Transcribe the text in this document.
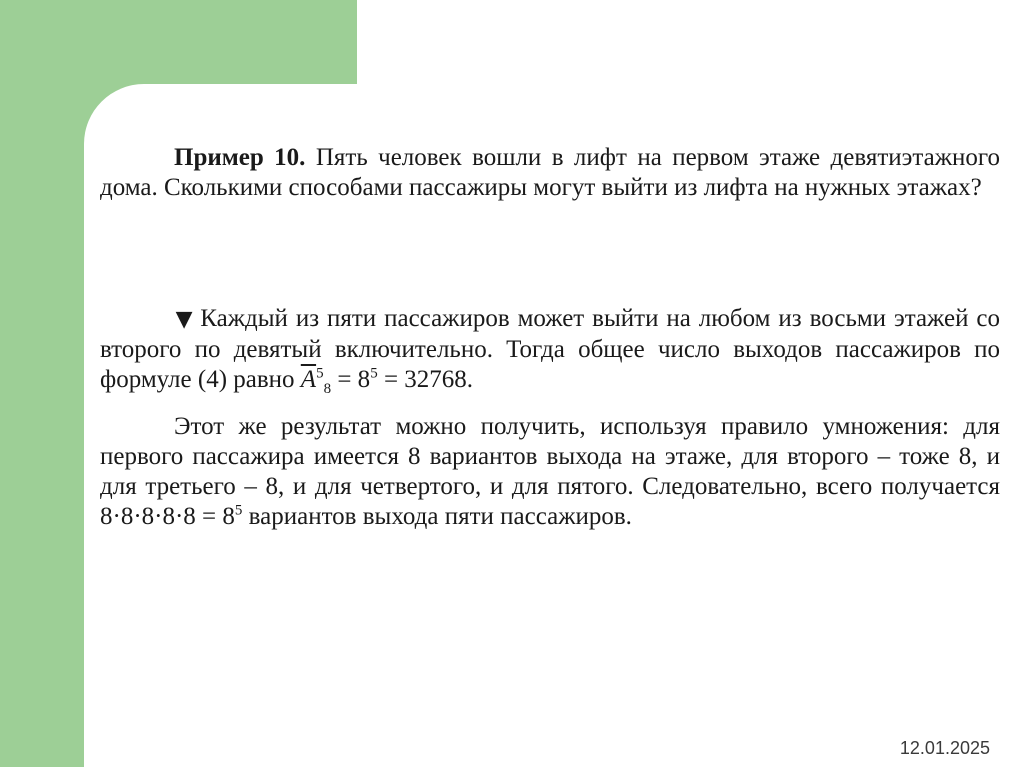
Пример 10. Пять человек вошли в лифт на первом этаже девятиэтажного дома. Сколькими способами пассажиры могут выйти из лифта на нужных этажах?

▼ Каждый из пяти пассажиров может выйти на любом из восьми этажей со второго по девятый включительно. Тогда общее число выходов пассажиров по формуле (4) равно $\overline{A}^5_8 = 8^5 = 32768$.

Этот же результат можно получить, используя правило умножения: для первого пассажира имеется 8 вариантов выхода на этаже, для второго – тоже 8, и для третьего – 8, и для четвертого, и для пятого. Следовательно, всего получается $8\cdot 8\cdot 8\cdot 8\cdot 8 = 8^5$ вариантов выхода пяти пассажиров.

12.01.2025
